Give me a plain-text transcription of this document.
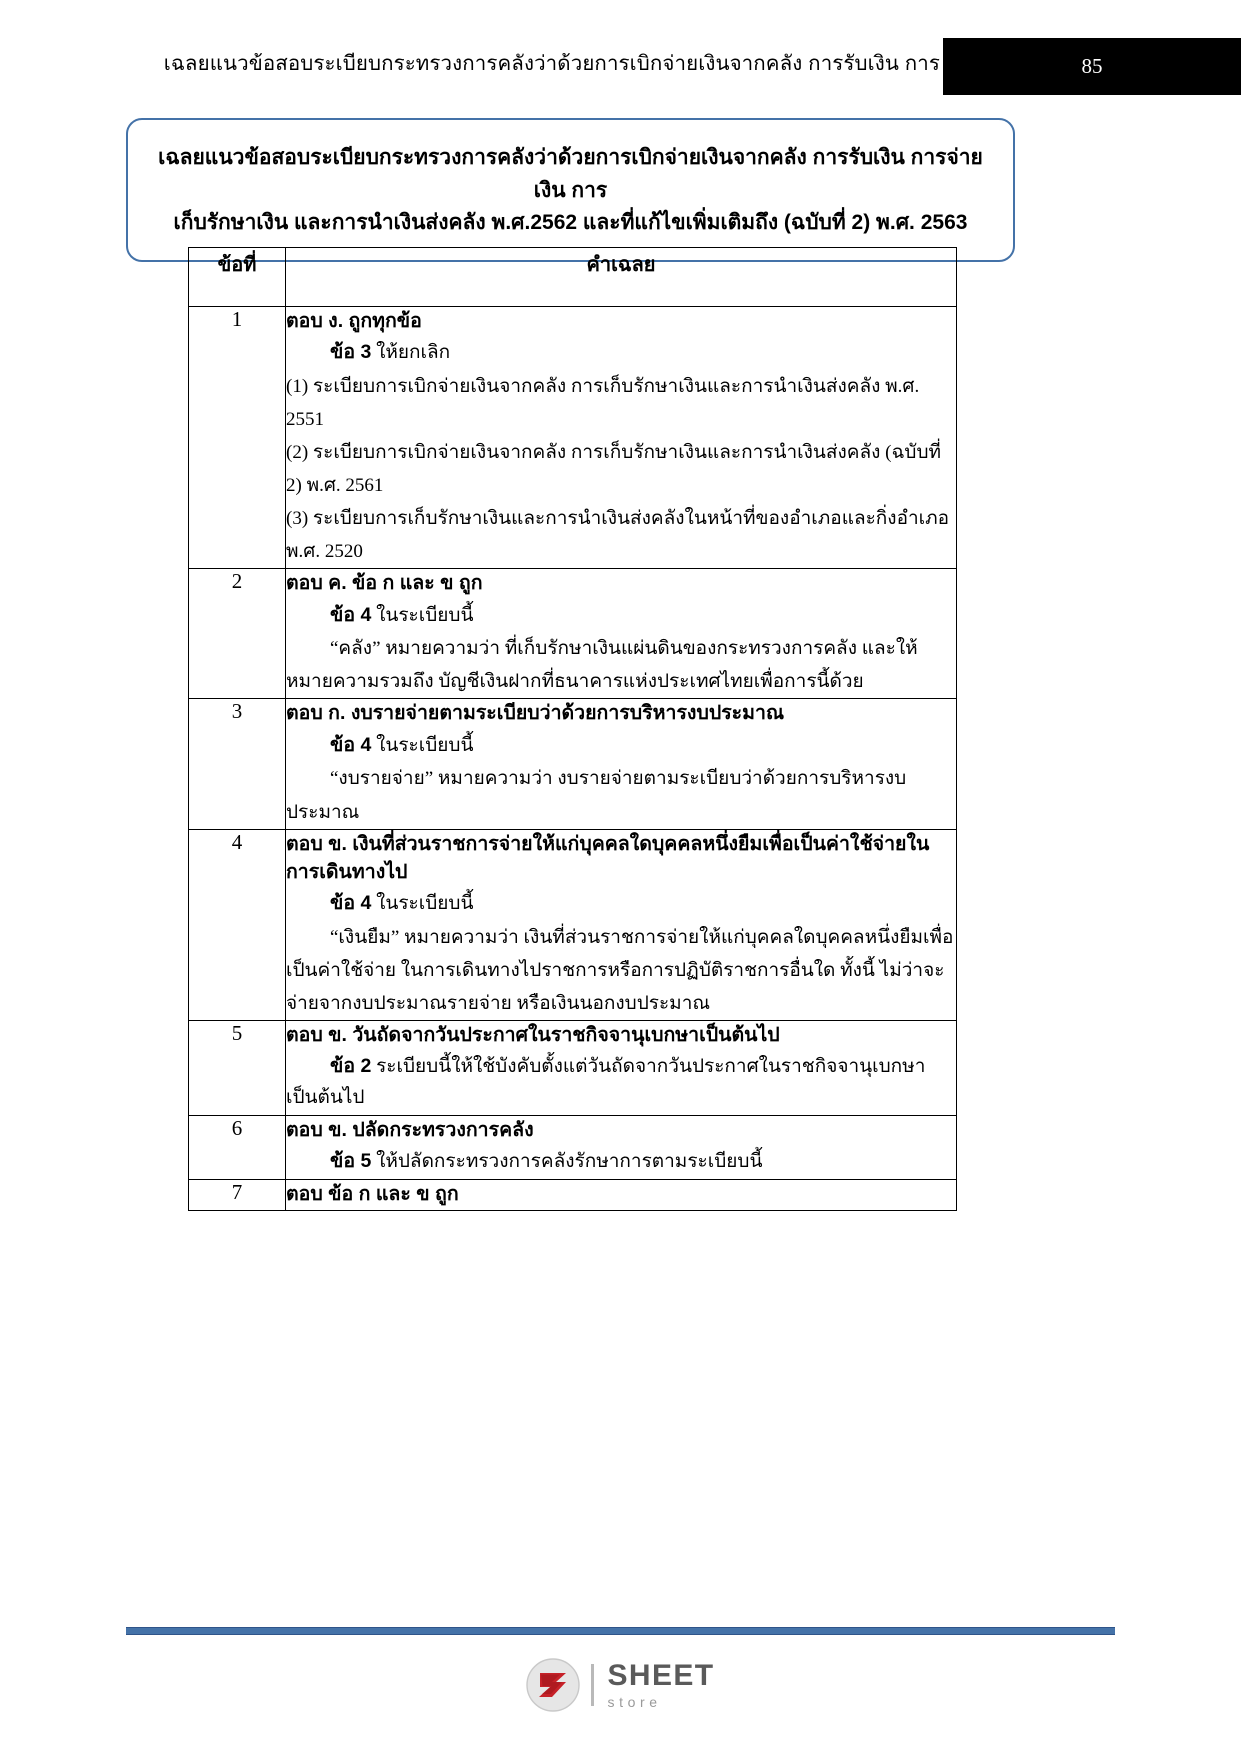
เฉลยแนวข้อสอบระเบียบกระทรวงการคลังว่าด้วยการเบิกจ่ายเงินจากคลัง การรับเงิน การ	85
เฉลยแนวข้อสอบระเบียบกระทรวงการคลังว่าด้วยการเบิกจ่ายเงินจากคลัง การรับเงิน การจ่ายเงิน การ
เก็บรักษาเงิน และการนำเงินส่งคลัง พ.ศ.2562 และที่แก้ไขเพิ่มเติมถึง (ฉบับที่ 2) พ.ศ. 2563
ข้อที่	คำเฉลย
1	ตอบ ง. ถูกทุกข้อ

ข้อ 3 ให้ยกเลิก

(1) ระเบียบการเบิกจ่ายเงินจากคลัง การเก็บรักษาเงินและการนำเงินส่งคลัง พ.ศ. 2551

(2) ระเบียบการเบิกจ่ายเงินจากคลัง การเก็บรักษาเงินและการนำเงินส่งคลัง (ฉบับที่ 2) พ.ศ. 2561

(3) ระเบียบการเก็บรักษาเงินและการนำเงินส่งคลังในหน้าที่ของอำเภอและกิ่งอำเภอ พ.ศ. 2520

2	ตอบ ค. ข้อ ก และ ข ถูก

ข้อ 4 ในระเบียบนี้

“คลัง” หมายความว่า ที่เก็บรักษาเงินแผ่นดินของกระทรวงการคลัง และให้หมายความรวมถึง บัญชีเงินฝากที่ธนาคารแห่งประเทศไทยเพื่อการนี้ด้วย

3	ตอบ ก. งบรายจ่ายตามระเบียบว่าด้วยการบริหารงบประมาณ

ข้อ 4 ในระเบียบนี้

“งบรายจ่าย” หมายความว่า งบรายจ่ายตามระเบียบว่าด้วยการบริหารงบประมาณ

4	ตอบ ข. เงินที่ส่วนราชการจ่ายให้แก่บุคคลใดบุคคลหนึ่งยืมเพื่อเป็นค่าใช้จ่ายในการเดินทางไป

ข้อ 4 ในระเบียบนี้

“เงินยืม” หมายความว่า เงินที่ส่วนราชการจ่ายให้แก่บุคคลใดบุคคลหนึ่งยืมเพื่อเป็นค่าใช้จ่าย ในการเดินทางไปราชการหรือการปฏิบัติราชการอื่นใด ทั้งนี้ ไม่ว่าจะจ่ายจากงบประมาณรายจ่าย หรือเงินนอกงบประมาณ

5	ตอบ ข. วันถัดจากวันประกาศในราชกิจจานุเบกษาเป็นต้นไป

ข้อ 2 ระเบียบนี้ให้ใช้บังคับตั้งแต่วันถัดจากวันประกาศในราชกิจจานุเบกษาเป็นต้นไป

6	ตอบ ข. ปลัดกระทรวงการคลัง

ข้อ 5 ให้ปลัดกระทรวงการคลังรักษาการตามระเบียบนี้

7	ตอบ ข้อ ก และ ข ถูก

SHEET
store
